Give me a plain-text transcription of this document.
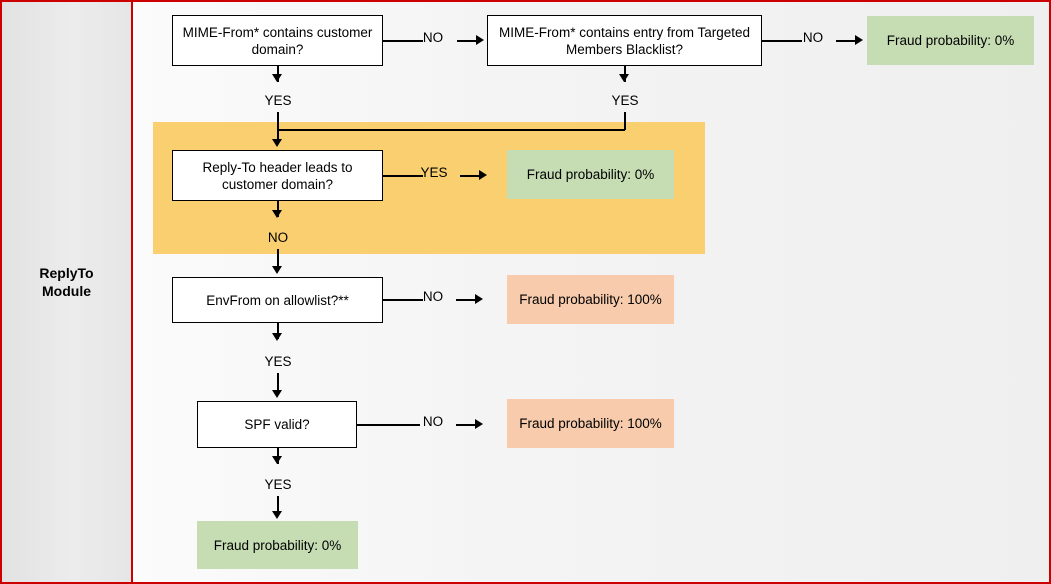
ReplyTo
Module
MIME-From* contains customer domain?
NO	MIME-From* contains entry from Targeted Members Blacklist?
NO	Fraud probability: 0%
YES	YES
Reply-To header leads to customer domain?
YES	Fraud probability: 0%
NO
EnvFrom on allowlist?**	NO	Fraud probability: 100%
YES
SPF valid?	NO	Fraud probability: 100%
YES
Fraud probability: 0%
